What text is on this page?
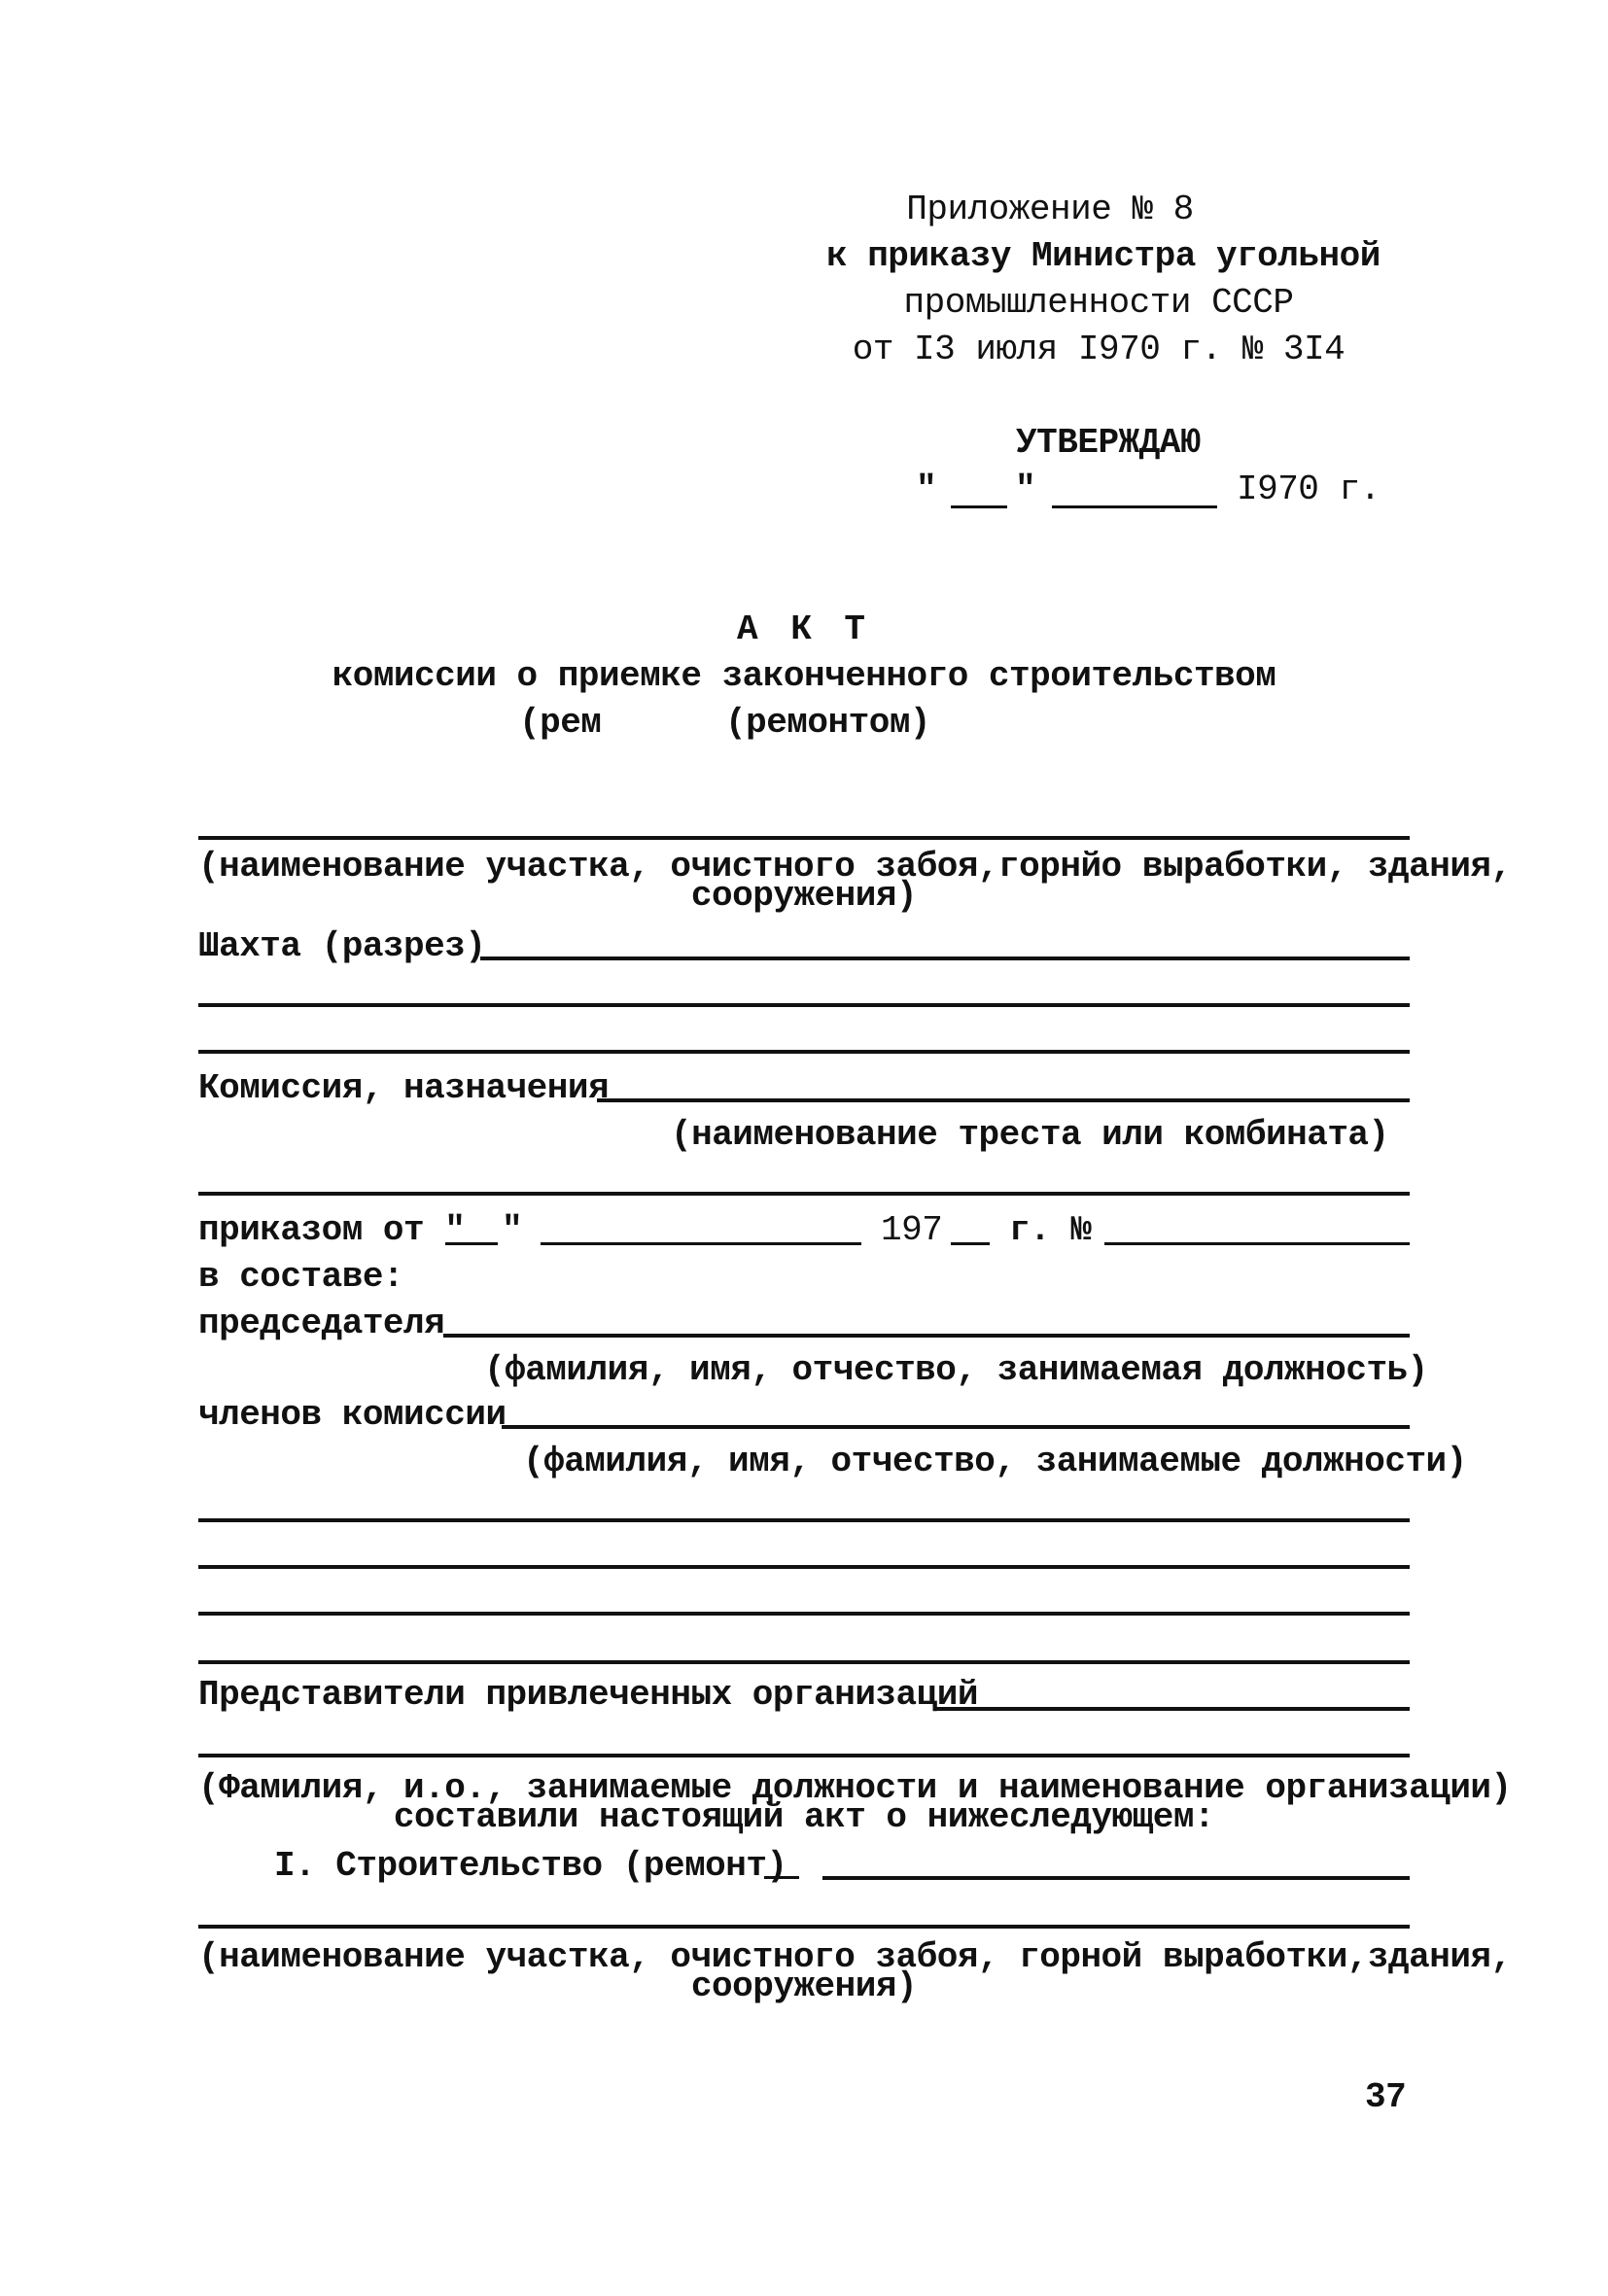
Приложение № 8
к приказу Министра угольной
промышленности СССР
от I3 июля I970 г. № 3I4
УТВЕРЖДАЮ
" "	I970 г.
А К Т
комиссии о приемке законченного строительством
(рем	(ремонтом)
(наименование участка, очистного забоя,горнйо выработки, здания,
сооружения)
Шахта (разрез)
Комиссия, назначения
(наименование треста или комбината)
приказом от " "	197 г. №
в составе:
председателя
(фамилия, имя, отчество, занимаемая должность)
членов комиссии
(фамилия, имя, отчество, занимаемые должности)
Представители привлеченных организаций
(Фамилия, и.о., занимаемые должности и наименование организации)
составили настоящий акт о нижеследующем:
I. Строительство (ремонт)
(наименование участка, очистного забоя, горной выработки,здания,
сооружения)
37
